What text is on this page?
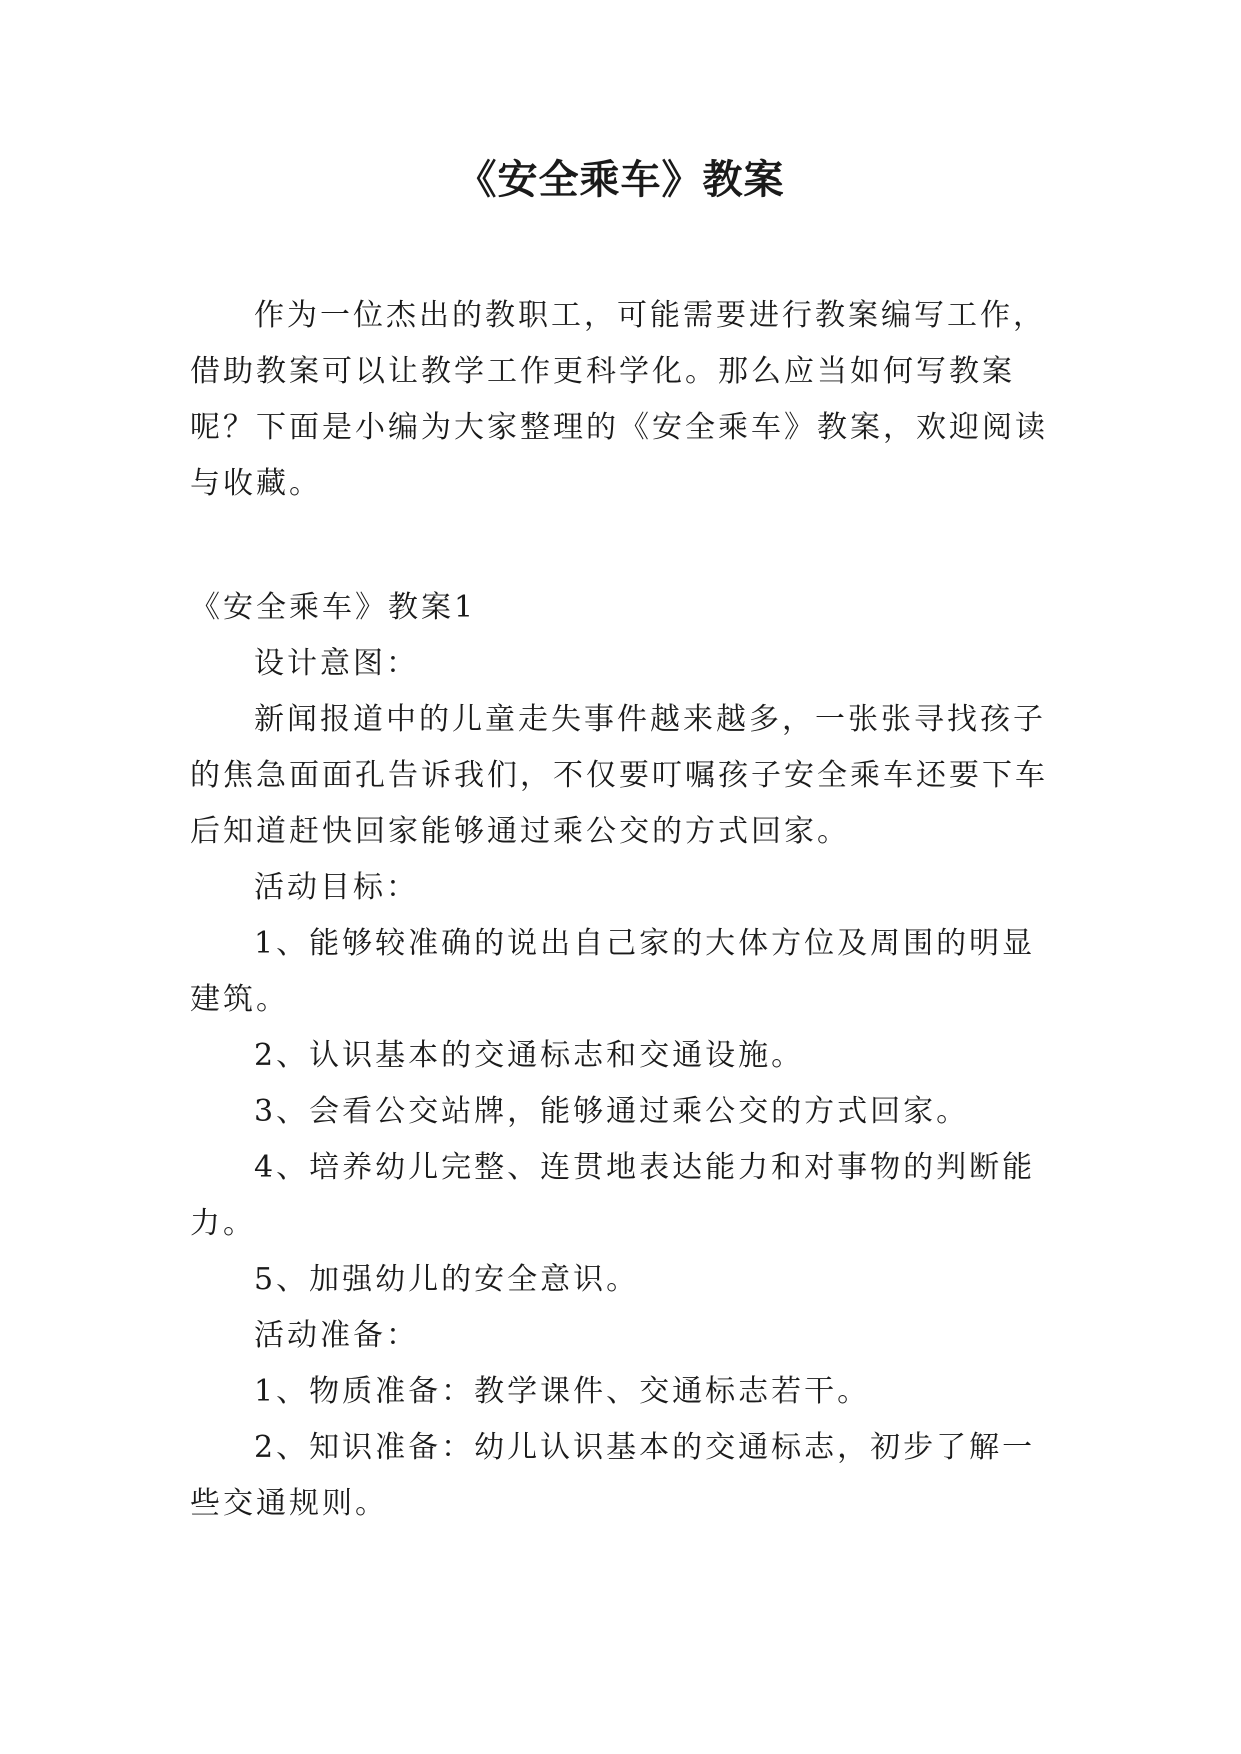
《安全乘车》教案

作为一位杰出的教职工，可能需要进行教案编写工作，借助教案可以让教学工作更科学化。那么应当如何写教案呢？下面是小编为大家整理的《安全乘车》教案，欢迎阅读与收藏。

《安全乘车》教案1

设计意图：

新闻报道中的儿童走失事件越来越多，一张张寻找孩子的焦急面面孔告诉我们，不仅要叮嘱孩子安全乘车还要下车后知道赶快回家能够通过乘公交的方式回家。

活动目标：

1、能够较准确的说出自己家的大体方位及周围的明显建筑。

2、认识基本的交通标志和交通设施。

3、会看公交站牌，能够通过乘公交的方式回家。

4、培养幼儿完整、连贯地表达能力和对事物的判断能力。

5、加强幼儿的安全意识。

活动准备：

1、物质准备：教学课件、交通标志若干。

2、知识准备：幼儿认识基本的交通标志，初步了解一些交通规则。
